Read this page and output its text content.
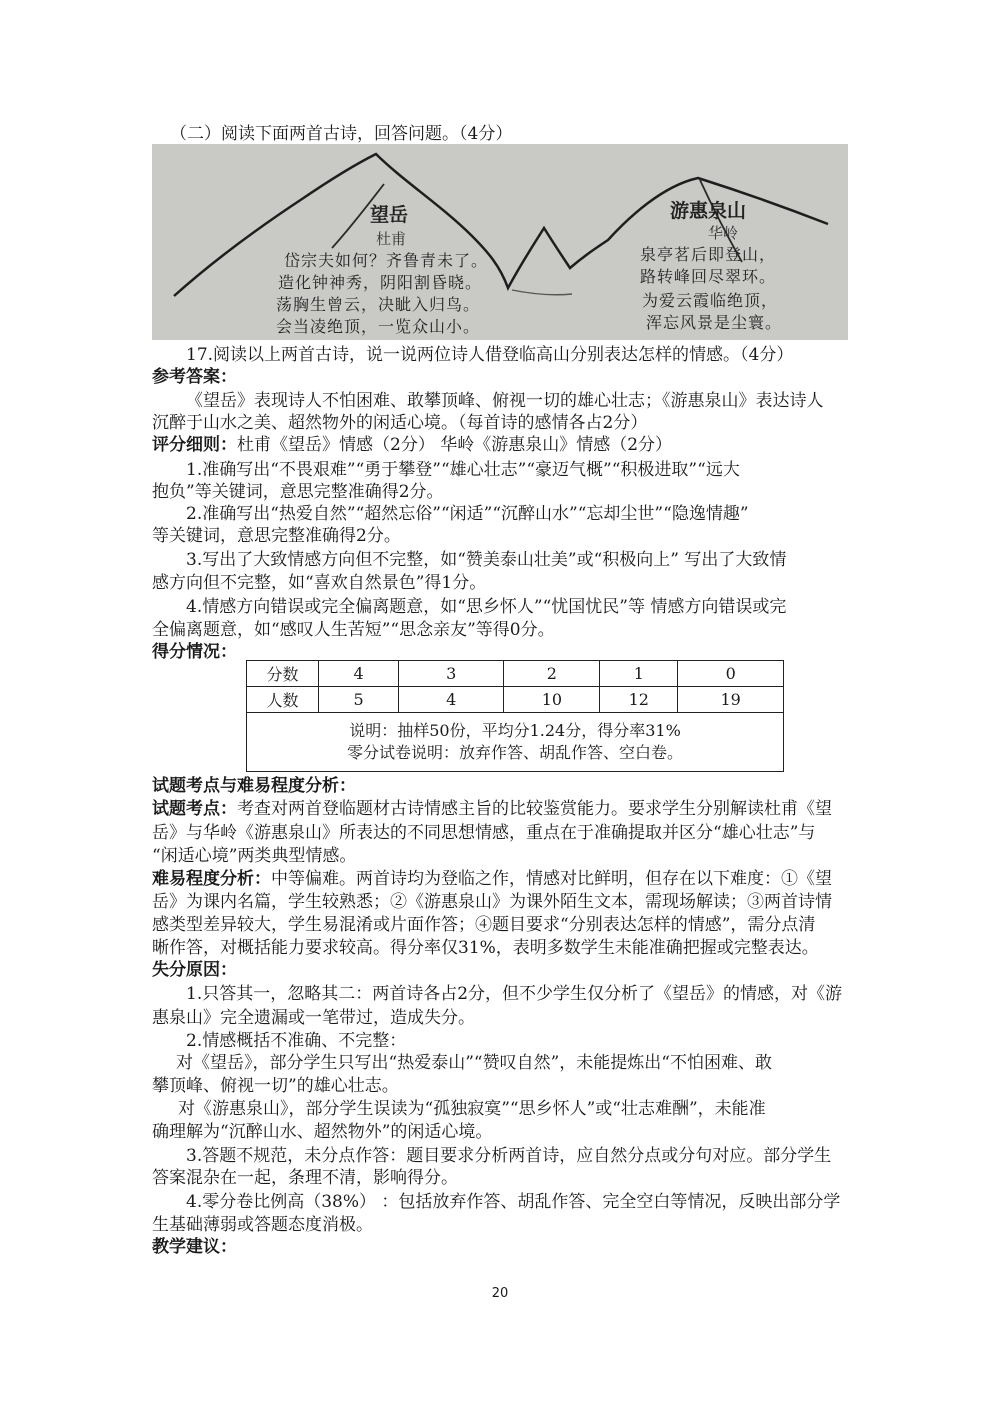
（二）阅读下面两首古诗，回答问题。（4分）
望岳
杜甫
岱宗夫如何？齐鲁青未了。
造化钟神秀，阴阳割昏晓。
荡胸生曾云，决眦入归鸟。
会当凌绝顶，一览众山小。
游惠泉山
华岭
泉亭茗后即登山，
路转峰回尽翠环。
为爱云霞临绝顶，
浑忘风景是尘寰。
17.阅读以上两首古诗，说一说两位诗人借登临高山分别表达怎样的情感。（4分）
参考答案：
《望岳》表现诗人不怕困难、敢攀顶峰、俯视一切的雄心壮志；《游惠泉山》表达诗人
沉醉于山水之美、超然物外的闲适心境。（每首诗的感情各占2分）
评分细则：杜甫《望岳》情感（2分） 华岭《游惠泉山》情感（2分）
1.准确写出“不畏艰难”“勇于攀登”“雄心壮志”“豪迈气概”“积极进取”“远大
抱负”等关键词，意思完整准确得2分。
2.准确写出“热爱自然”“超然忘俗”“闲适”“沉醉山水”“忘却尘世”“隐逸情趣”
等关键词，意思完整准确得2分。
3.写出了大致情感方向但不完整，如“赞美泰山壮美”或“积极向上” 写出了大致情
感方向但不完整，如“喜欢自然景色”得1分。
4.情感方向错误或完全偏离题意，如“思乡怀人”“忧国忧民”等 情感方向错误或完
全偏离题意，如“感叹人生苦短”“思念亲友”等得0分。
得分情况：
分数	4	3	2	1	0
人数	5	4	10	12	19

说明：抽样50份，平均分1.24分，得分率31%
零分试卷说明：放弃作答、胡乱作答、空白卷。					
试题考点与难易程度分析：
试题考点：考查对两首登临题材古诗情感主旨的比较鉴赏能力。要求学生分别解读杜甫《望
岳》与华岭《游惠泉山》所表达的不同思想情感，重点在于准确提取并区分“雄心壮志”与
“闲适心境”两类典型情感。
难易程度分析：中等偏难。两首诗均为登临之作，情感对比鲜明，但存在以下难度：①《望
岳》为课内名篇，学生较熟悉；②《游惠泉山》为课外陌生文本，需现场解读；③两首诗情
感类型差异较大，学生易混淆或片面作答；④题目要求“分别表达怎样的情感”，需分点清
晰作答，对概括能力要求较高。得分率仅31%，表明多数学生未能准确把握或完整表达。
失分原因：
1.只答其一，忽略其二：两首诗各占2分，但不少学生仅分析了《望岳》的情感，对《游
惠泉山》完全遗漏或一笔带过，造成失分。
2.情感概括不准确、不完整：
对《望岳》，部分学生只写出“热爱泰山”“赞叹自然”，未能提炼出“不怕困难、敢
攀顶峰、俯视一切”的雄心壮志。
对《游惠泉山》，部分学生误读为“孤独寂寞”“思乡怀人”或“壮志难酬”，未能准
确理解为“沉醉山水、超然物外”的闲适心境。
3.答题不规范，未分点作答：题目要求分析两首诗，应自然分点或分句对应。部分学生
答案混杂在一起，条理不清，影响得分。
4.零分卷比例高（38%） ：包括放弃作答、胡乱作答、完全空白等情况，反映出部分学
生基础薄弱或答题态度消极。
教学建议：
20
